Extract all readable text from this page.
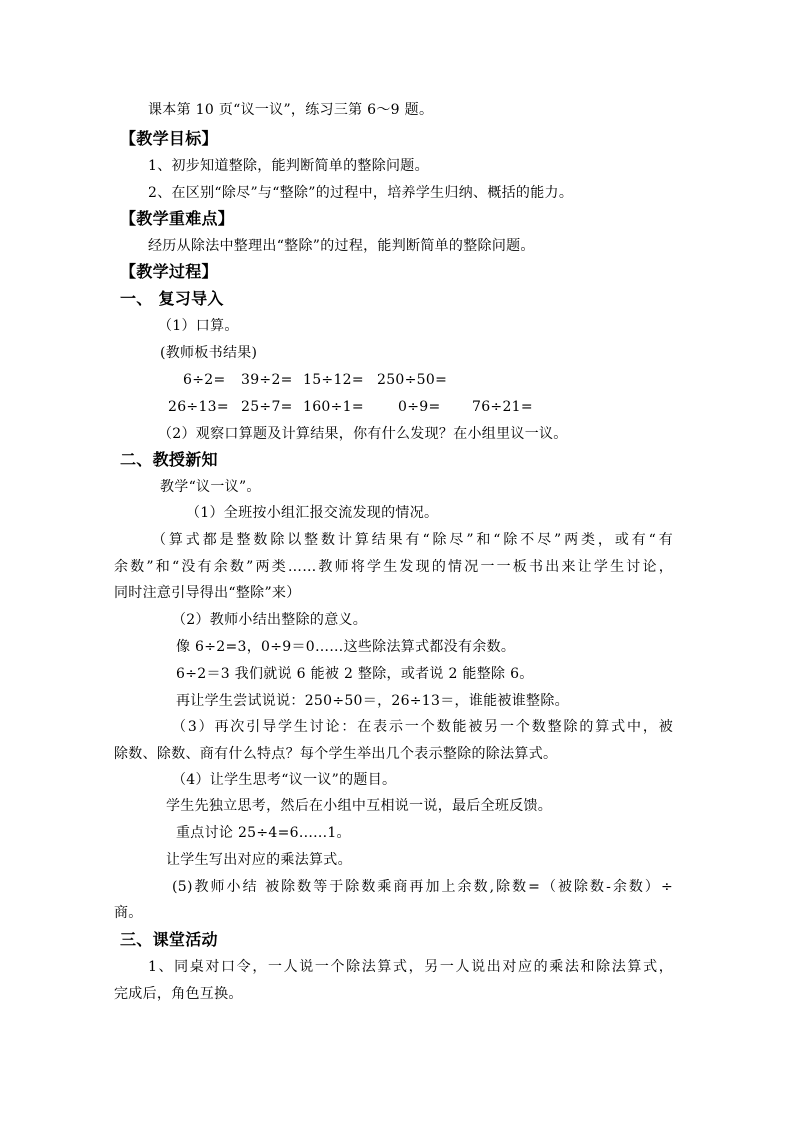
课本第 10 页“议一议”，练习三第 6～9 题。
【教学目标】
1、初步知道整除，能判断简单的整除问题。
2、在区别“除尽”与“整除”的过程中，培养学生归纳、概括的能力。
【教学重难点】
经历从除法中整理出“整除”的过程，能判断简单的整除问题。
【教学过程】
一、 复习导入
（1）口算。
(教师板书结果)
6÷2= 39÷2= 15÷12= 250÷50=
26÷13= 25÷7= 160÷1= 0÷9= 76÷21=
（2）观察口算题及计算结果，你有什么发现？在小组里议一议。
二、教授新知
教学“议一议”。
（1）全班按小组汇报交流发现的情况。
（算式都是整数除以整数计算结果有“除尽”和“除不尽”两类，或有“有
余数”和“没有余数”两类……教师将学生发现的情况一一板书出来让学生讨论，
同时注意引导得出“整除”来）
（2）教师小结出整除的意义。
像 6÷2=3，0÷9＝0……这些除法算式都没有余数。
6÷2＝3 我们就说 6 能被 2 整除，或者说 2 能整除 6。
再让学生尝试说说：250÷50＝，26÷13＝，谁能被谁整除。
（3）再次引导学生讨论：在表示一个数能被另一个数整除的算式中，被
除数、除数、商有什么特点？每个学生举出几个表示整除的除法算式。
（4）让学生思考“议一议”的题目。
学生先独立思考，然后在小组中互相说一说，最后全班反馈。
重点讨论 25÷4=6......1。
让学生写出对应的乘法算式。
(5)教师小结 被除数等于除数乘商再加上余数,除数=（被除数-余数）÷
商。
三、课堂活动
1、同桌对口令，一人说一个除法算式，另一人说出对应的乘法和除法算式，
完成后，角色互换。
